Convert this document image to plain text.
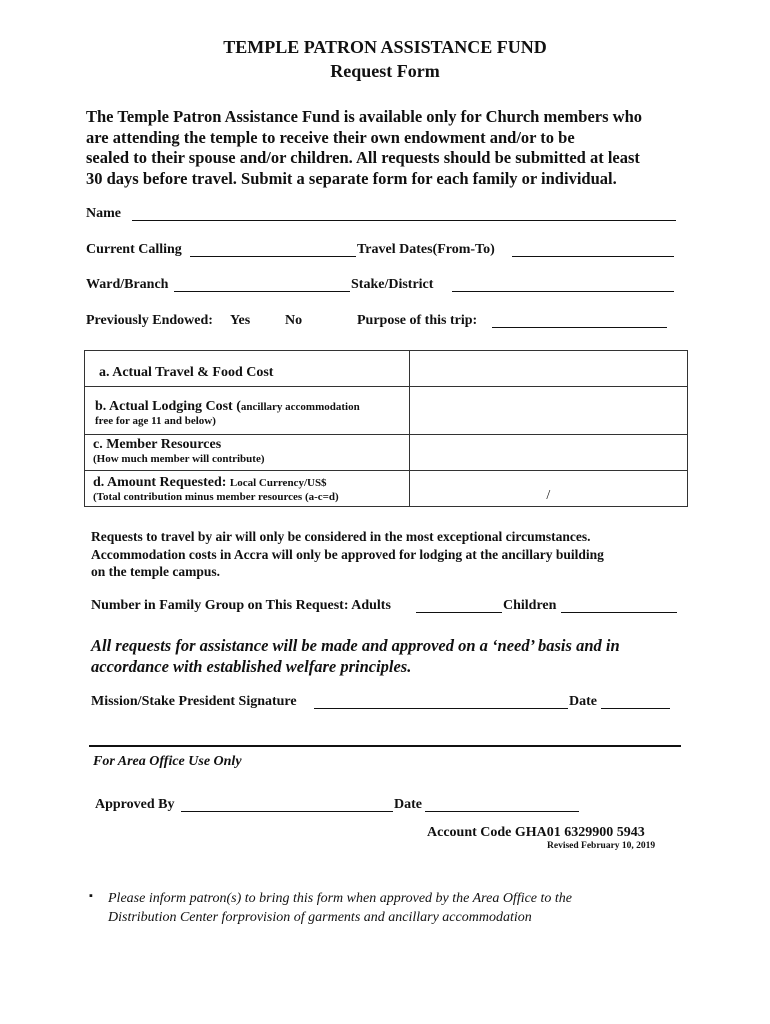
TEMPLE PATRON ASSISTANCE FUND
Request Form
The Temple Patron Assistance Fund is available only for Church members who
are attending the temple to receive their own endowment and/or to be
sealed to their spouse and/or children. All requests should be submitted at least
30 days before travel. Submit a separate form for each family or individual.
Name
Current Calling	Travel Dates(From-To)
Ward/Branch	Stake/District
Previously Endowed: Yes No	Purpose of this trip:
a. Actual Travel & Food Cost	

b. Actual Lodging Cost (ancillary accommodation
free for age 11 and below)	

c. Member Resources
(How much member will contribute)	

d. Amount Requested: Local Currency/US$
(Total contribution minus member resources (a-c=d)	/
Requests to travel by air will only be considered in the most exceptional circumstances.
Accommodation costs in Accra will only be approved for lodging at the ancillary building
on the temple campus.
Number in Family Group on This Request: Adults	Children
All requests for assistance will be made and approved on a ‘need’ basis and in
accordance with established welfare principles.
Mission/Stake President Signature	Date
For Area Office Use Only
Approved By	Date
Account Code GHA01 6329900 5943
Revised February 10, 2019
▪ Please inform patron(s) to bring this form when approved by the Area Office to the
Distribution Center forprovision of garments and ancillary accommodation
